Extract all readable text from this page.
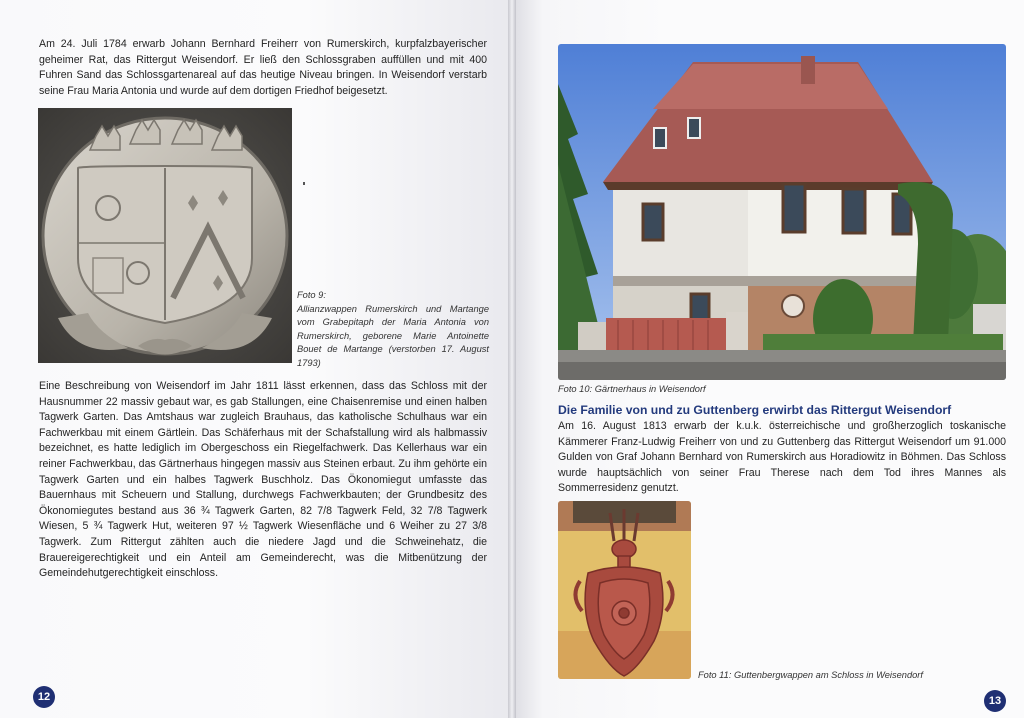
Am 24. Juli 1784 erwarb Johann Bernhard Freiherr von Rumerskirch, kurpfalzbayerischer geheimer Rat, das Rittergut Weisendorf. Er ließ den Schlossgraben auffüllen und mit 400 Fuhren Sand das Schlossgartenareal auf das heutige Niveau bringen. In Weisendorf verstarb seine Frau Maria Antonia und wurde auf dem dortigen Friedhof beigesetzt.
Foto 9:
Allianzwappen Rumerskirch und Martange vom Grabepitaph der Maria Antonia von Rumerskirch, geborene Marie Antoinette Bouet de Martange (verstorben 17. August 1793)
Eine Beschreibung von Weisendorf im Jahr 1811 lässt erkennen, dass das Schloss mit der Hausnummer 22 massiv gebaut war, es gab Stallungen, eine Chaisenremise und einen halben Tagwerk Garten. Das Amtshaus war zugleich Brauhaus, das katholische Schulhaus war ein Fachwerkbau mit einem Gärtlein. Das Schäferhaus mit der Schafstallung wird als halbmassiv bezeichnet, es hatte lediglich im Obergeschoss ein Riegelfachwerk. Das Kellerhaus war ein reiner Fachwerkbau, das Gärtnerhaus hingegen massiv aus Steinen erbaut. Zu ihm gehörte ein Tagwerk Garten und ein halbes Tagwerk Buschholz. Das Ökonomiegut umfasste das Bauernhaus mit Scheuern und Stallung, durchwegs Fachwerkbauten; der Grundbesitz des Ökonomiegutes bestand aus 36 ¾ Tagwerk Garten, 82 7/8 Tagwerk Feld, 32 7/8 Tagwerk Wiesen, 5 ¾ Tagwerk Hut, weiteren 97 ½ Tagwerk Wiesenfläche und 6 Weiher zu 27 3/8 Tagwerk. Zum Rittergut zählten auch die niedere Jagd und die Schweinehatz, die Brauereigerechtigkeit und ein Anteil am Gemeinderecht, was die Mitbenützung der Gemeindehutgerechtigkeit einschloss.
12
Foto 10: Gärtnerhaus in Weisendorf
Die Familie von und zu Guttenberg erwirbt das Rittergut Weisendorf
Am 16. August 1813 erwarb der k.u.k. österreichische und großherzoglich toskanische Kämmerer Franz-Ludwig Freiherr von und zu Guttenberg das Rittergut Weisendorf um 91.000 Gulden von Graf Johann Bernhard von Rumerskirch aus Horadiowitz in Böhmen. Das Schloss wurde hauptsächlich von seiner Frau Therese nach dem Tod ihres Mannes als Sommerresidenz genutzt.
Foto 11: Guttenbergwappen am Schloss in Weisendorf
13
